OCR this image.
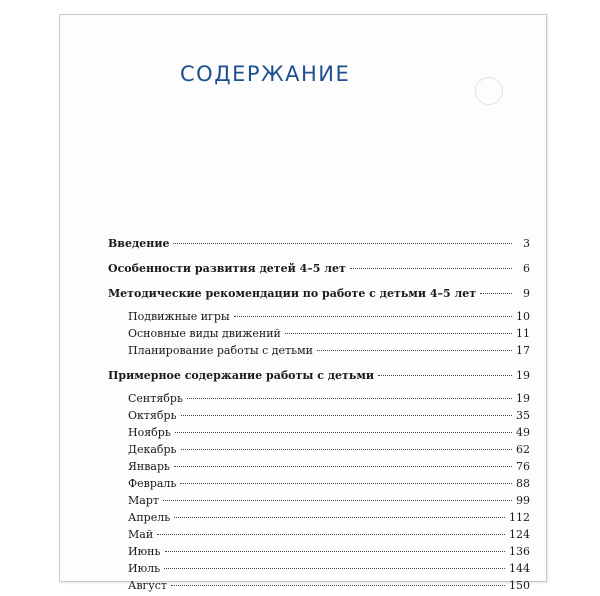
СОДЕРЖАНИЕ
Введение	3
Особенности развития детей 4–5 лет	6
Методические рекомендации по работе с детьми 4–5 лет	9
Подвижные игры	10
Основные виды движений	11
Планирование работы с детьми	17
Примерное содержание работы с детьми	19
Сентябрь	19
Октябрь	35
Ноябрь	49
Декабрь	62
Январь	76
Февраль	88
Март	99
Апрель	112
Май	124
Июнь	136
Июль	144
Август	150
